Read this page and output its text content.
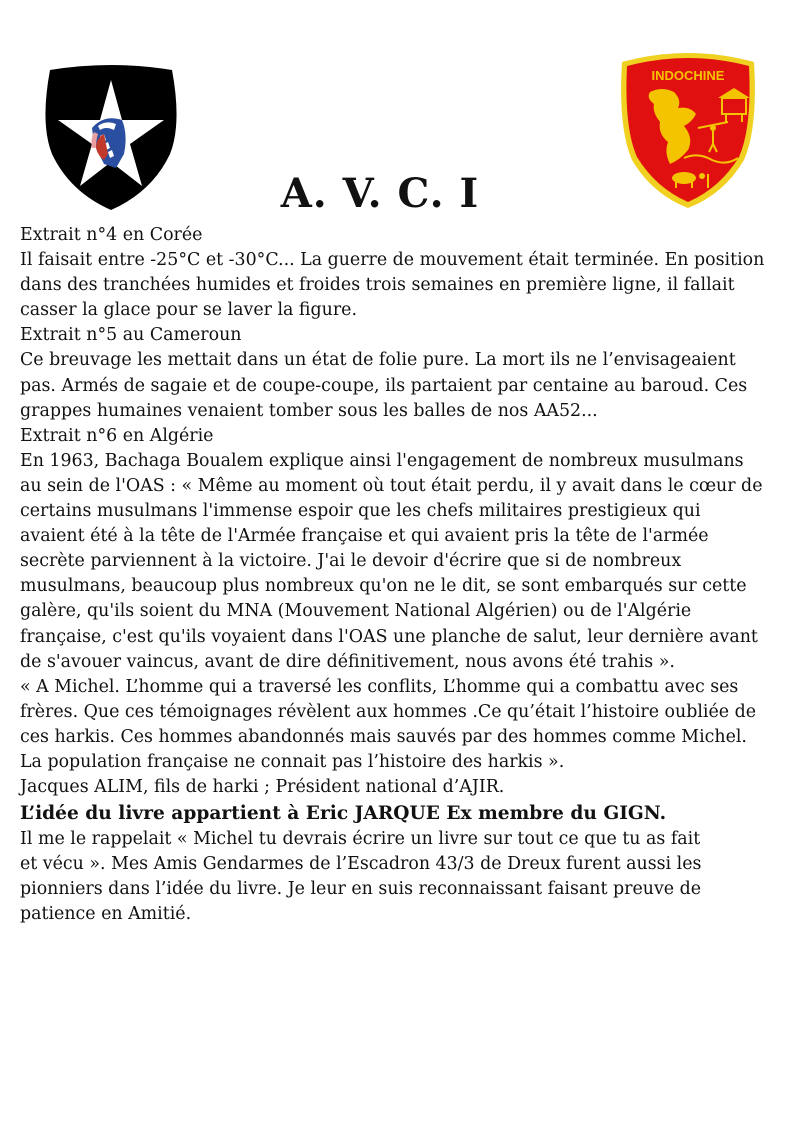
INDOCHINE
A. V. C. I
Extrait n°4 en Corée
Il faisait entre -25°C et -30°C... La guerre de mouvement était terminée. En position
dans des tranchées humides et froides trois semaines en première ligne, il fallait
casser la glace pour se laver la figure.
Extrait n°5 au Cameroun
Ce breuvage les mettait dans un état de folie pure. La mort ils ne l’envisageaient
pas. Armés de sagaie et de coupe-coupe, ils partaient par centaine au baroud. Ces
grappes humaines venaient tomber sous les balles de nos AA52...
Extrait n°6 en Algérie
En 1963, Bachaga Boualem explique ainsi l'engagement de nombreux musulmans
au sein de l'OAS : « Même au moment où tout était perdu, il y avait dans le cœur de
certains musulmans l'immense espoir que les chefs militaires prestigieux qui
avaient été à la tête de l'Armée française et qui avaient pris la tête de l'armée
secrète parviennent à la victoire. J'ai le devoir d'écrire que si de nombreux
musulmans, beaucoup plus nombreux qu'on ne le dit, se sont embarqués sur cette
galère, qu'ils soient du MNA (Mouvement National Algérien) ou de l'Algérie
française, c'est qu'ils voyaient dans l'OAS une planche de salut, leur dernière avant
de s'avouer vaincus, avant de dire définitivement, nous avons été trahis ».
« A Michel. L’homme qui a traversé les conflits, L’homme qui a combattu avec ses
frères. Que ces témoignages révèlent aux hommes .Ce qu’était l’histoire oubliée de
ces harkis. Ces hommes abandonnés mais sauvés par des hommes comme Michel.
La population française ne connait pas l’histoire des harkis ».
Jacques ALIM, fils de harki ; Président national d’AJIR.
L’idée du livre appartient à Eric JARQUE Ex membre du GIGN.
Il me le rappelait « Michel tu devrais écrire un livre sur tout ce que tu as fait
et vécu ». Mes Amis Gendarmes de l’Escadron 43/3 de Dreux furent aussi les
pionniers dans l’idée du livre. Je leur en suis reconnaissant faisant preuve de
patience en Amitié.
